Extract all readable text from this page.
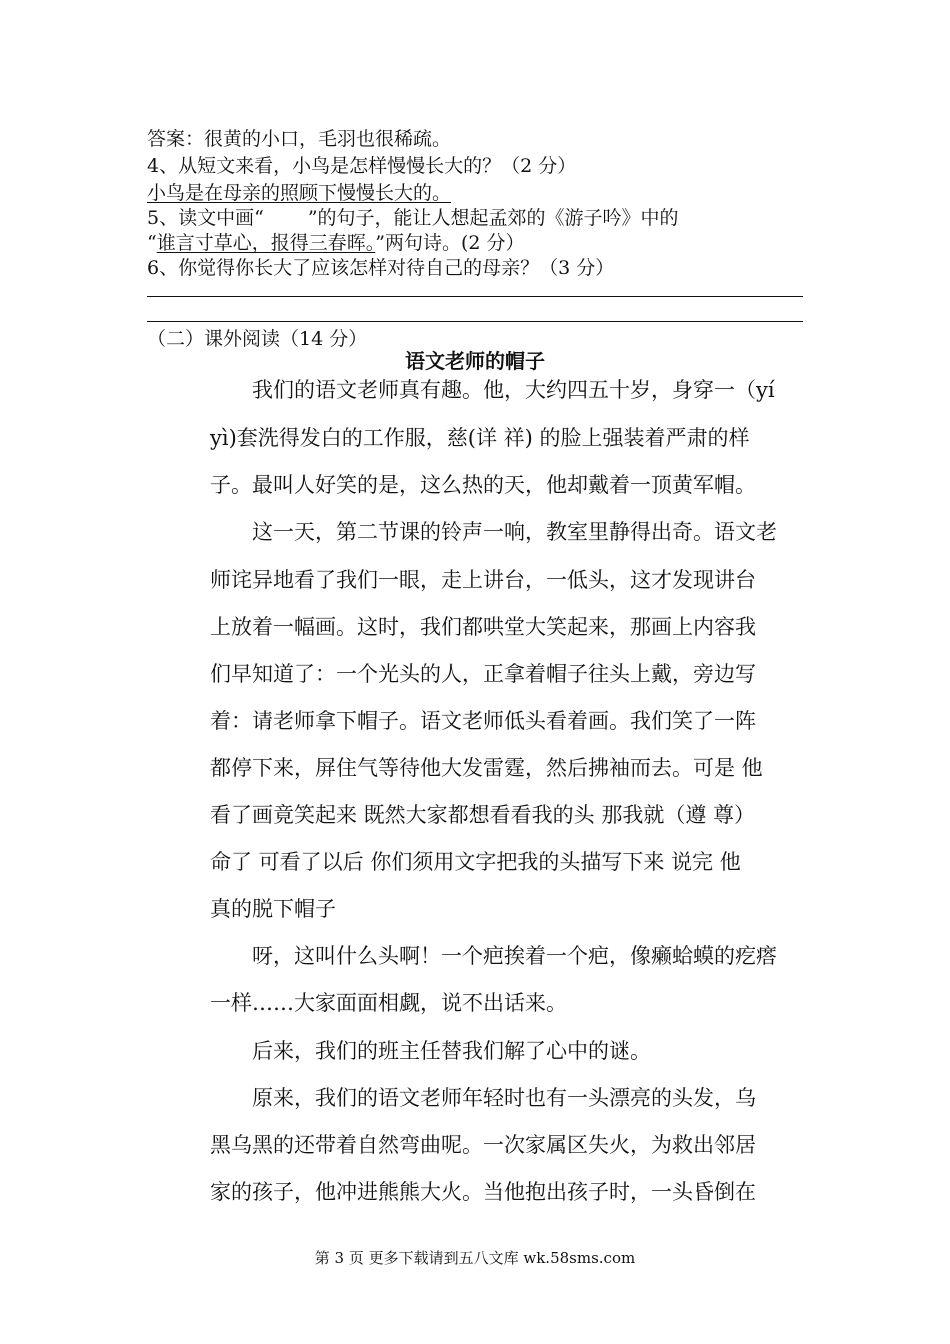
答案：很黄的小口，毛羽也很稀疏。
4、从短文来看，小鸟是怎样慢慢长大的？（2 分）
小鸟是在母亲的照顾下慢慢长大的。
5、读文中画“ ”的句子，能让人想起孟郊的《游子吟》中的
“谁言寸草心，报得三春晖。”两句诗。(2 分）
6、你觉得你长大了应该怎样对待自己的母亲？（3 分）
（二）课外阅读（14 分）
语文老师的帽子
　　我们的语文老师真有趣。他，大约四五十岁，身穿一（yí
yì)套洗得发白的工作服，慈(详 祥) 的脸上强装着严肃的样
子。最叫人好笑的是，这么热的天，他却戴着一顶黄军帽。
　　这一天，第二节课的铃声一响，教室里静得出奇。语文老
师诧异地看了我们一眼，走上讲台，一低头，这才发现讲台
上放着一幅画。这时，我们都哄堂大笑起来，那画上内容我
们早知道了：一个光头的人，正拿着帽子往头上戴，旁边写
着：请老师拿下帽子。语文老师低头看着画。我们笑了一阵
都停下来，屏住气等待他大发雷霆，然后拂袖而去。可是 他
看了画竟笑起来 既然大家都想看看我的头 那我就（遵 尊）
命了 可看了以后 你们须用文字把我的头描写下来 说完 他
真的脱下帽子
　　呀，这叫什么头啊！一个疤挨着一个疤，像癞蛤蟆的疙瘩
一样……大家面面相觑，说不出话来。
　　后来，我们的班主任替我们解了心中的谜。
　　原来，我们的语文老师年轻时也有一头漂亮的头发，乌
黑乌黑的还带着自然弯曲呢。一次家属区失火，为救出邻居
家的孩子，他冲进熊熊大火。当他抱出孩子时，一头昏倒在
第 3 页 更多下载请到五八文库 wk.58sms.com
